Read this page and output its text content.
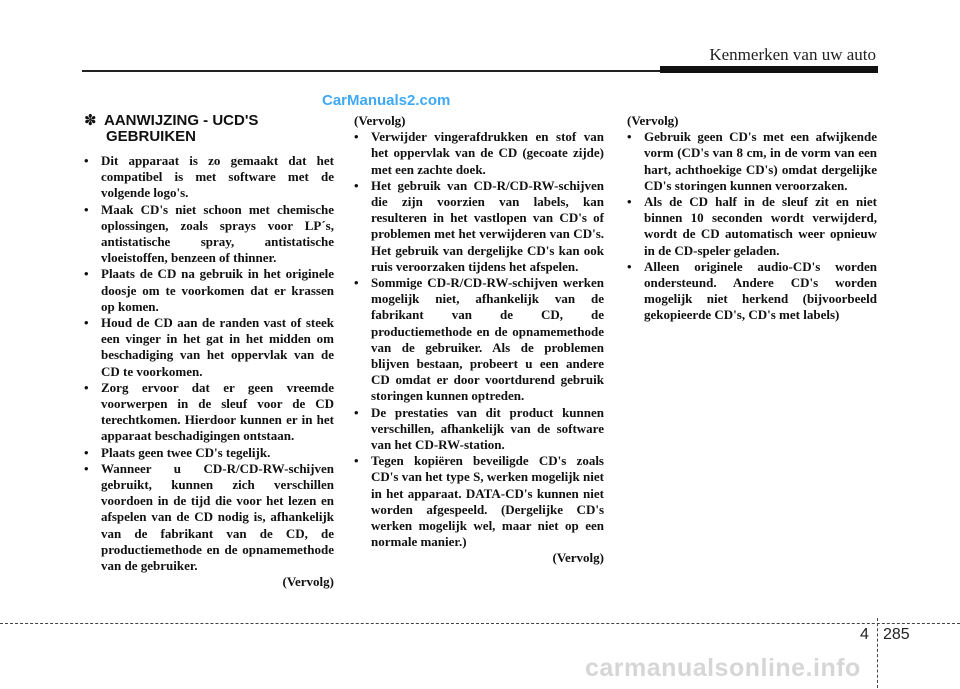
Kenmerken van uw auto
CarManuals2.com
✽ AANWIJZING - UCD'S GEBRUIKEN
• Dit apparaat is zo gemaakt dat het compatibel is met software met de volgende logo's.
• Maak CD's niet schoon met chemische oplossingen, zoals sprays voor LP´s, antistatische spray, antistatische vloeistoffen, benzeen of thinner.
• Plaats de CD na gebruik in het originele doosje om te voorkomen dat er krassen op komen.
• Houd de CD aan de randen vast of steek een vinger in het gat in het midden om beschadiging van het oppervlak van de CD te voorkomen.
• Zorg ervoor dat er geen vreemde voorwerpen in de sleuf voor de CD terechtkomen. Hierdoor kunnen er in het apparaat beschadigingen ontstaan.
• Plaats geen twee CD's tegelijk.
• Wanneer u CD-R/CD-RW-schijven gebruikt, kunnen zich verschillen voordoen in de tijd die voor het lezen en afspelen van de CD nodig is, afhankelijk van de fabrikant van de CD, de productiemethode en de opnamemethode van de gebruiker.
(Vervolg)
(Vervolg)
• Verwijder vingerafdrukken en stof van het oppervlak van de CD (gecoate zijde) met een zachte doek.
• Het gebruik van CD-R/CD-RW-schijven die zijn voorzien van labels, kan resulteren in het vastlopen van CD's of problemen met het verwijderen van CD's. Het gebruik van dergelijke CD's kan ook ruis veroorzaken tijdens het afspelen.
• Sommige CD-R/CD-RW-schijven werken mogelijk niet, afhankelijk van de fabrikant van de CD, de productiemethode en de opnamemethode van de gebruiker. Als de problemen blijven bestaan, probeert u een andere CD omdat er door voortdurend gebruik storingen kunnen optreden.
• De prestaties van dit product kunnen verschillen, afhankelijk van de software van het CD-RW-station.
• Tegen kopiëren beveiligde CD's zoals CD's van het type S, werken mogelijk niet in het apparaat. DATA-CD's kunnen niet worden afgespeeld. (Dergelijke CD's werken mogelijk wel, maar niet op een normale manier.)
(Vervolg)
(Vervolg)
• Gebruik geen CD's met een afwijkende vorm (CD's van 8 cm, in de vorm van een hart, achthoekige CD's) omdat dergelijke CD's storingen kunnen veroorzaken.
• Als de CD half in de sleuf zit en niet binnen 10 seconden wordt verwijderd, wordt de CD automatisch weer opnieuw in de CD-speler geladen.
• Alleen originele audio-CD's worden ondersteund. Andere CD's worden mogelijk niet herkend (bijvoorbeeld gekopieerde CD's, CD's met labels)
4 285
carmanualsonline.info
